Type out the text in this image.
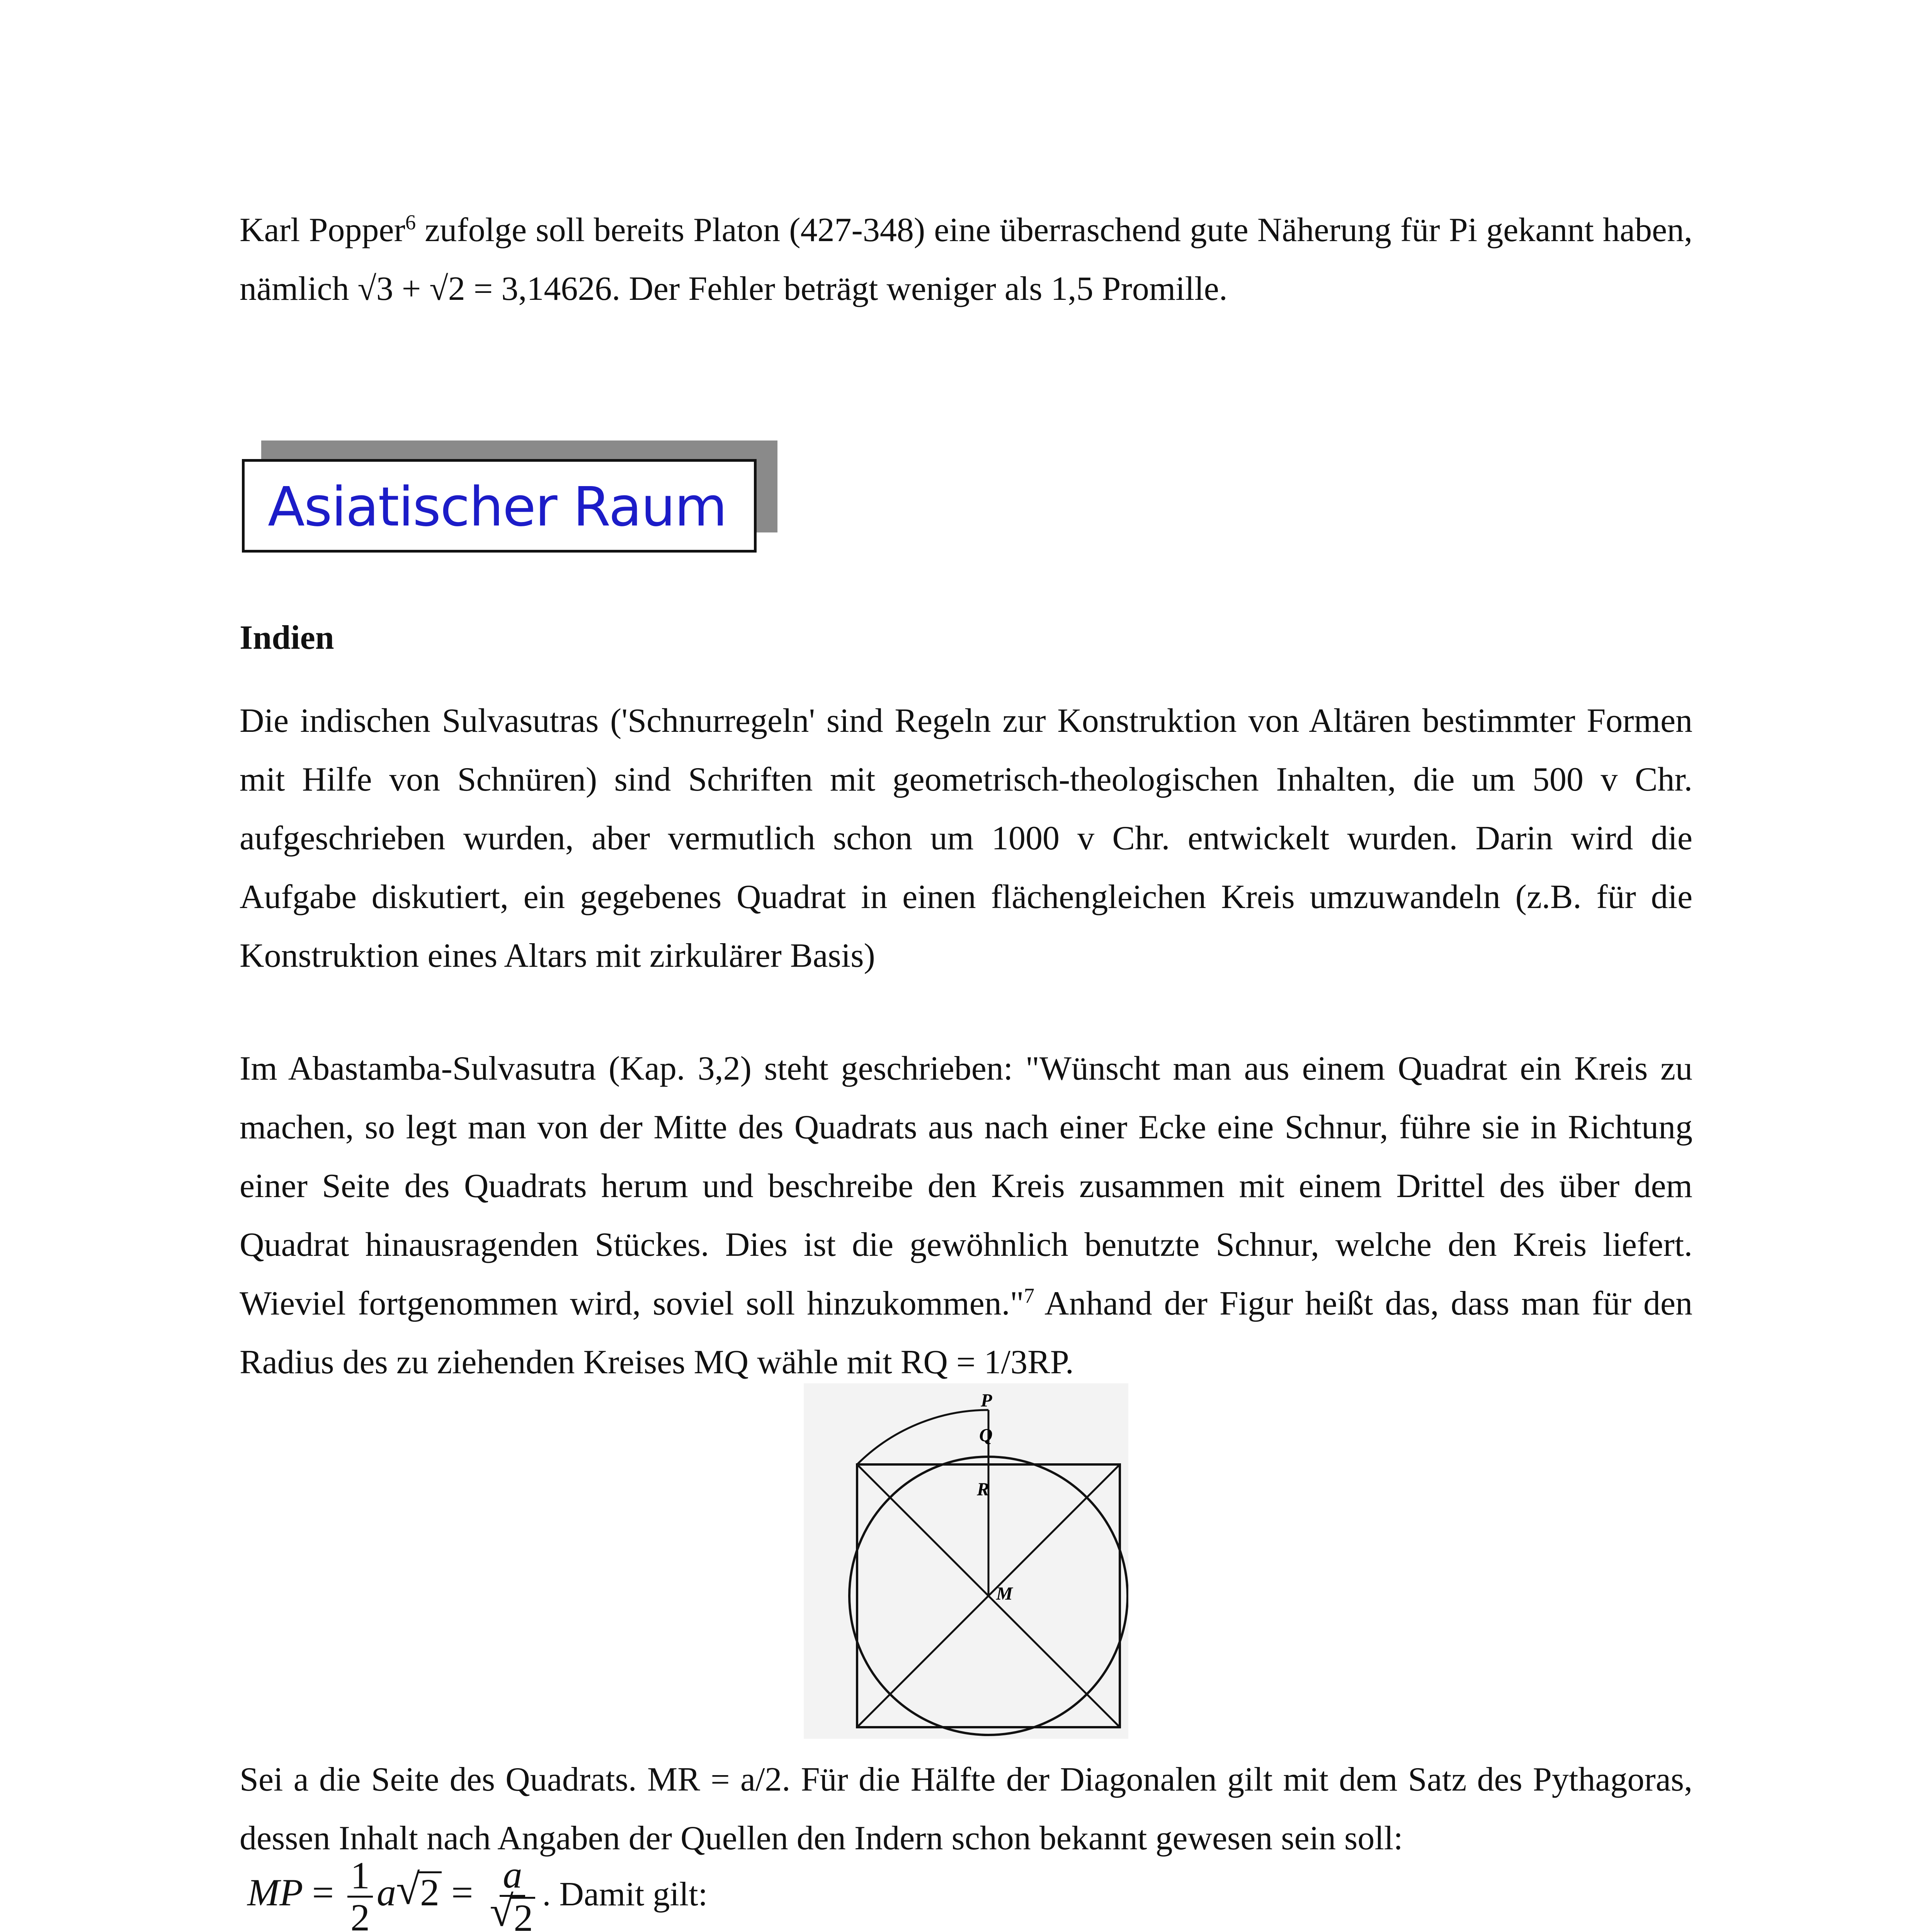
Karl Popper$^6$ zufolge soll bereits Platon (427-348) eine überraschend gute Näherung für Pi gekannt haben, nämlich √3 + √2 = 3,14626. Der Fehler beträgt weniger als 1,5 Promille.

Asiatischer Raum

Indien

Die indischen Sulvasutras ('Schnurregeln' sind Regeln zur Konstruktion von Altären bestimmter Formen mit Hilfe von Schnüren) sind Schriften mit geometrisch-theologischen Inhalten, die um 500 v Chr. aufgeschrieben wurden, aber vermutlich schon um 1000 v Chr. entwickelt wurden. Darin wird die Aufgabe diskutiert, ein gegebenes Quadrat in einen flächengleichen Kreis umzuwandeln (z.B. für die Konstruktion eines Altars mit zirkulärer Basis)

Im Abastamba-Sulvasutra (Kap. 3,2) steht geschrieben: "Wünscht man aus einem Quadrat ein Kreis zu machen, so legt man von der Mitte des Quadrats aus nach einer Ecke eine Schnur, führe sie in Richtung einer Seite des Quadrats herum und beschreibe den Kreis zusammen mit einem Drittel des über dem Quadrat hinausragenden Stückes. Dies ist die gewöhnlich benutzte Schnur, welche den Kreis liefert. Wieviel fortgenommen wird, soviel soll hinzukommen."$^7$ Anhand der Figur heißt das, dass man für den Radius des zu ziehenden Kreises MQ wähle mit RQ = 1/3RP.

P
Q
R
M

Sei a die Seite des Quadrats. MR = a/2. Für die Hälfte der Diagonalen gilt mit dem Satz des Pythagoras, dessen Inhalt nach Angaben der Quellen den Indern schon bekannt gewesen sein soll:

MP = $\frac{1}{2} a√$ 2 = a
√ 2 . Damit gilt:
